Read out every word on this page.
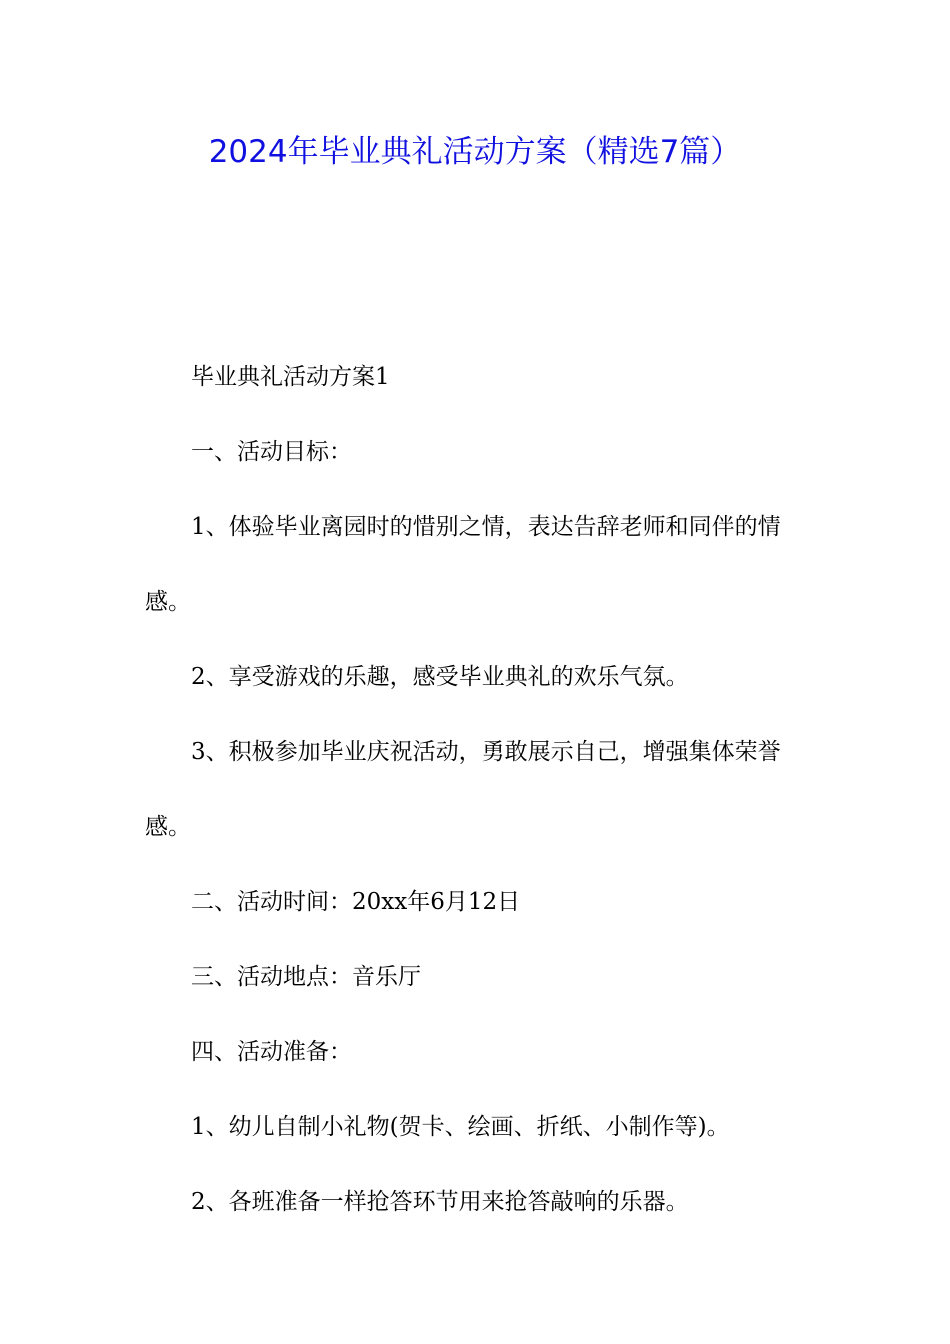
2024年毕业典礼活动方案（精选7篇）

毕业典礼活动方案1

一、活动目标：

1、体验毕业离园时的惜别之情，表达告辞老师和同伴的情感。

2、享受游戏的乐趣，感受毕业典礼的欢乐气氛。

3、积极参加毕业庆祝活动，勇敢展示自己，增强集体荣誉感。

二、活动时间：20xx年6月12日

三、活动地点：音乐厅

四、活动准备：

1、幼儿自制小礼物(贺卡、绘画、折纸、小制作等)。

2、各班准备一样抢答环节用来抢答敲响的乐器。
